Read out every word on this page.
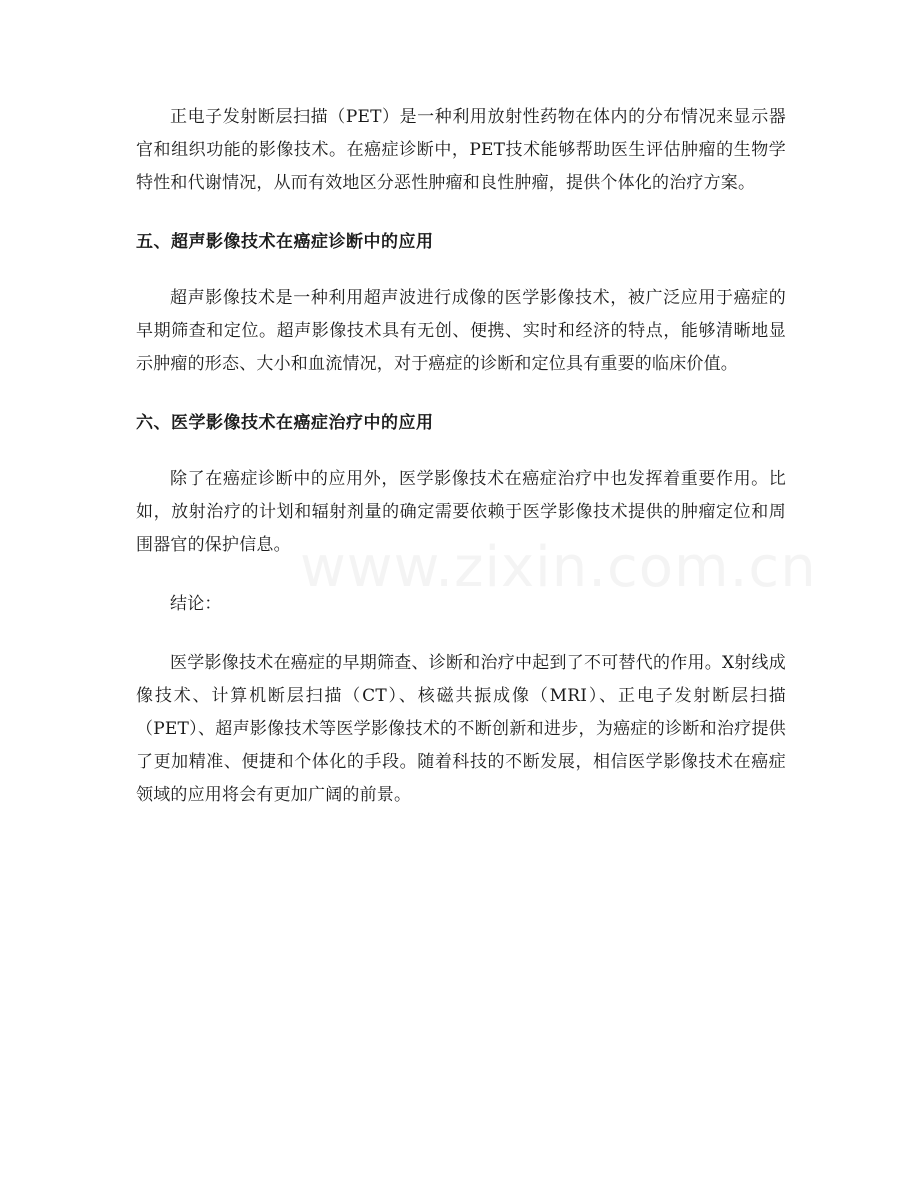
正电子发射断层扫描（PET）是一种利用放射性药物在体内的分布情况来显示器官和组织功能的影像技术。在癌症诊断中，PET技术能够帮助医生评估肿瘤的生物学特性和代谢情况，从而有效地区分恶性肿瘤和良性肿瘤，提供个体化的治疗方案。

五、超声影像技术在癌症诊断中的应用

超声影像技术是一种利用超声波进行成像的医学影像技术，被广泛应用于癌症的早期筛查和定位。超声影像技术具有无创、便携、实时和经济的特点，能够清晰地显示肿瘤的形态、大小和血流情况，对于癌症的诊断和定位具有重要的临床价值。

六、医学影像技术在癌症治疗中的应用

除了在癌症诊断中的应用外，医学影像技术在癌症治疗中也发挥着重要作用。比如，放射治疗的计划和辐射剂量的确定需要依赖于医学影像技术提供的肿瘤定位和周围器官的保护信息。

结论：

医学影像技术在癌症的早期筛查、诊断和治疗中起到了不可替代的作用。X射线成像技术、计算机断层扫描（CT）、核磁共振成像（MRI）、正电子发射断层扫描（PET）、超声影像技术等医学影像技术的不断创新和进步，为癌症的诊断和治疗提供了更加精准、便捷和个体化的手段。随着科技的不断发展，相信医学影像技术在癌症领域的应用将会有更加广阔的前景。

www.zixin.com.cn
